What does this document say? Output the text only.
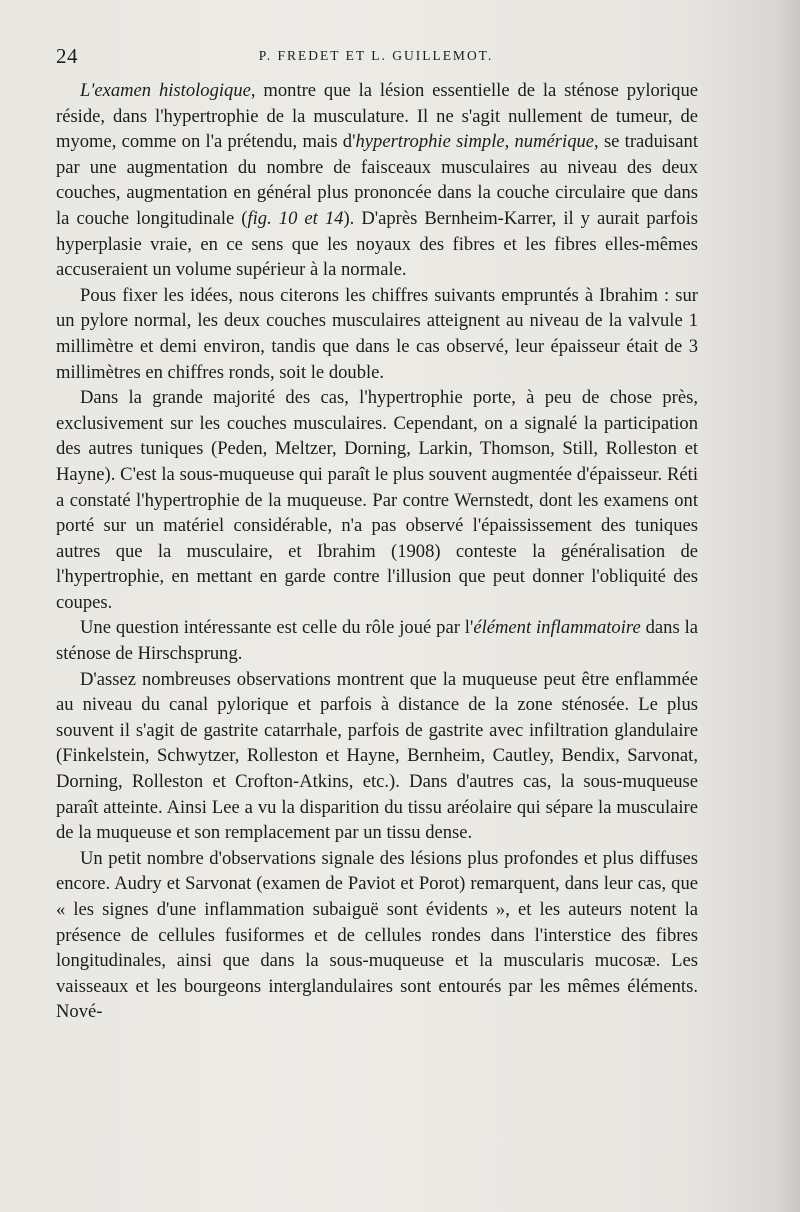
24	P. FREDET ET L. GUILLEMOT.

L'examen histologique, montre que la lésion essentielle de la sténose pylorique réside, dans l'hypertrophie de la musculature. Il ne s'agit nullement de tumeur, de myome, comme on l'a prétendu, mais d'hypertrophie simple, numérique, se traduisant par une augmentation du nombre de faisceaux musculaires au niveau des deux couches, augmentation en général plus prononcée dans la couche circulaire que dans la couche longitudinale (fig. 10 et 14). D'après Bernheim-Karrer, il y aurait parfois hyperplasie vraie, en ce sens que les noyaux des fibres et les fibres elles-mêmes accuseraient un volume supérieur à la normale.

Pous fixer les idées, nous citerons les chiffres suivants empruntés à Ibrahim : sur un pylore normal, les deux couches musculaires atteignent au niveau de la valvule 1 millimètre et demi environ, tandis que dans le cas observé, leur épaisseur était de 3 millimètres en chiffres ronds, soit le double.

Dans la grande majorité des cas, l'hypertrophie porte, à peu de chose près, exclusivement sur les couches musculaires. Cependant, on a signalé la participation des autres tuniques (Peden, Meltzer, Dorning, Larkin, Thomson, Still, Rolleston et Hayne). C'est la sous-muqueuse qui paraît le plus souvent augmentée d'épaisseur. Réti a constaté l'hypertrophie de la muqueuse. Par contre Wernstedt, dont les examens ont porté sur un matériel considérable, n'a pas observé l'épaississement des tuniques autres que la musculaire, et Ibrahim (1908) conteste la généralisation de l'hypertrophie, en mettant en garde contre l'illusion que peut donner l'obliquité des coupes.

Une question intéressante est celle du rôle joué par l'élément inflammatoire dans la sténose de Hirschsprung.

D'assez nombreuses observations montrent que la muqueuse peut être enflammée au niveau du canal pylorique et parfois à distance de la zone sténosée. Le plus souvent il s'agit de gastrite catarrhale, parfois de gastrite avec infiltration glandulaire (Finkelstein, Schwytzer, Rolleston et Hayne, Bernheim, Cautley, Bendix, Sarvonat, Dorning, Rolleston et Crofton-Atkins, etc.). Dans d'autres cas, la sous-muqueuse paraît atteinte. Ainsi Lee a vu la disparition du tissu aréolaire qui sépare la musculaire de la muqueuse et son remplacement par un tissu dense.

Un petit nombre d'observations signale des lésions plus profondes et plus diffuses encore. Audry et Sarvonat (examen de Paviot et Porot) remarquent, dans leur cas, que « les signes d'une inflammation subaiguë sont évidents », et les auteurs notent la présence de cellules fusiformes et de cellules rondes dans l'interstice des fibres longitudinales, ainsi que dans la sous-muqueuse et la muscularis mucosæ. Les vaisseaux et les bourgeons interglandulaires sont entourés par les mêmes éléments. Nové-
